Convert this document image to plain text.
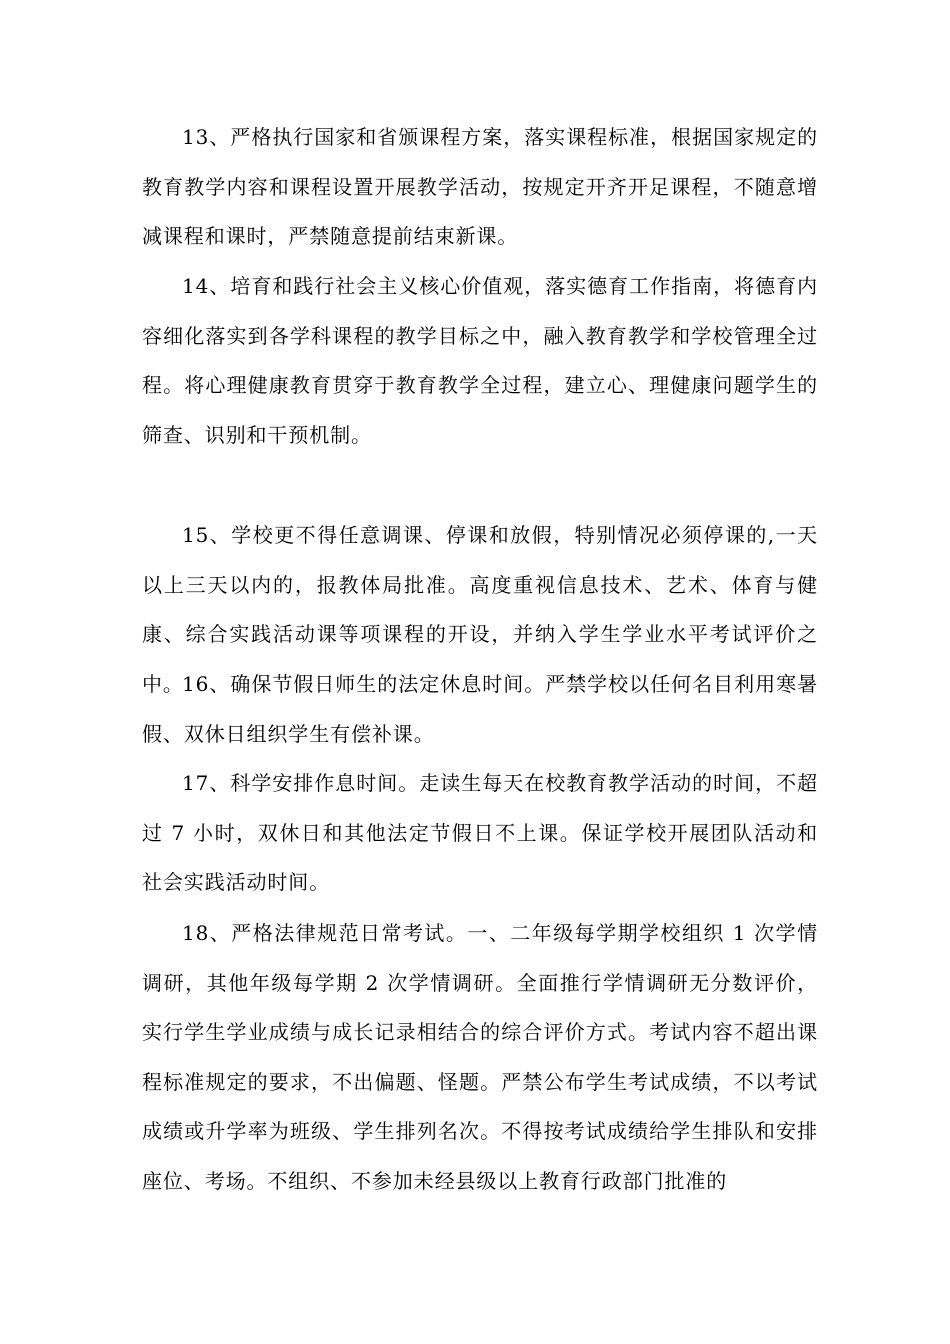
13、严格执行国家和省颁课程方案，落实课程标准，根据国家规定的教育教学内容和课程设置开展教学活动，按规定开齐开足课程，不随意增减课程和课时，严禁随意提前结束新课。

14、培育和践行社会主义核心价值观，落实德育工作指南，将德育内容细化落实到各学科课程的教学目标之中，融入教育教学和学校管理全过程。将心理健康教育贯穿于教育教学全过程，建立心、理健康问题学生的筛查、识别和干预机制。

15、学校更不得任意调课、停课和放假，特别情况必须停课的,一天以上三天以内的，报教体局批准。高度重视信息技术、艺术、体育与健康、综合实践活动课等项课程的开设，并纳入学生学业水平考试评价之中。

16、确保节假日师生的法定休息时间。严禁学校以任何名目利用寒暑假、双休日组织学生有偿补课。

17、科学安排作息时间。走读生每天在校教育教学活动的时间，不超过 7 小时，双休日和其他法定节假日不上课。保证学校开展团队活动和社会实践活动时间。

18、严格法律规范日常考试。一、二年级每学期学校组织 1 次学情调研，其他年级每学期 2 次学情调研。全面推行学情调研无分数评价，实行学生学业成绩与成长记录相结合的综合评价方式。考试内容不超出课程标准规定的要求，不出偏题、怪题。严禁公布学生考试成绩，不以考试成绩或升学率为班级、学生排列名次。不得按考试成绩给学生排队和安排座位、考场。不组织、不参加未经县级以上教育行政部门批准的
